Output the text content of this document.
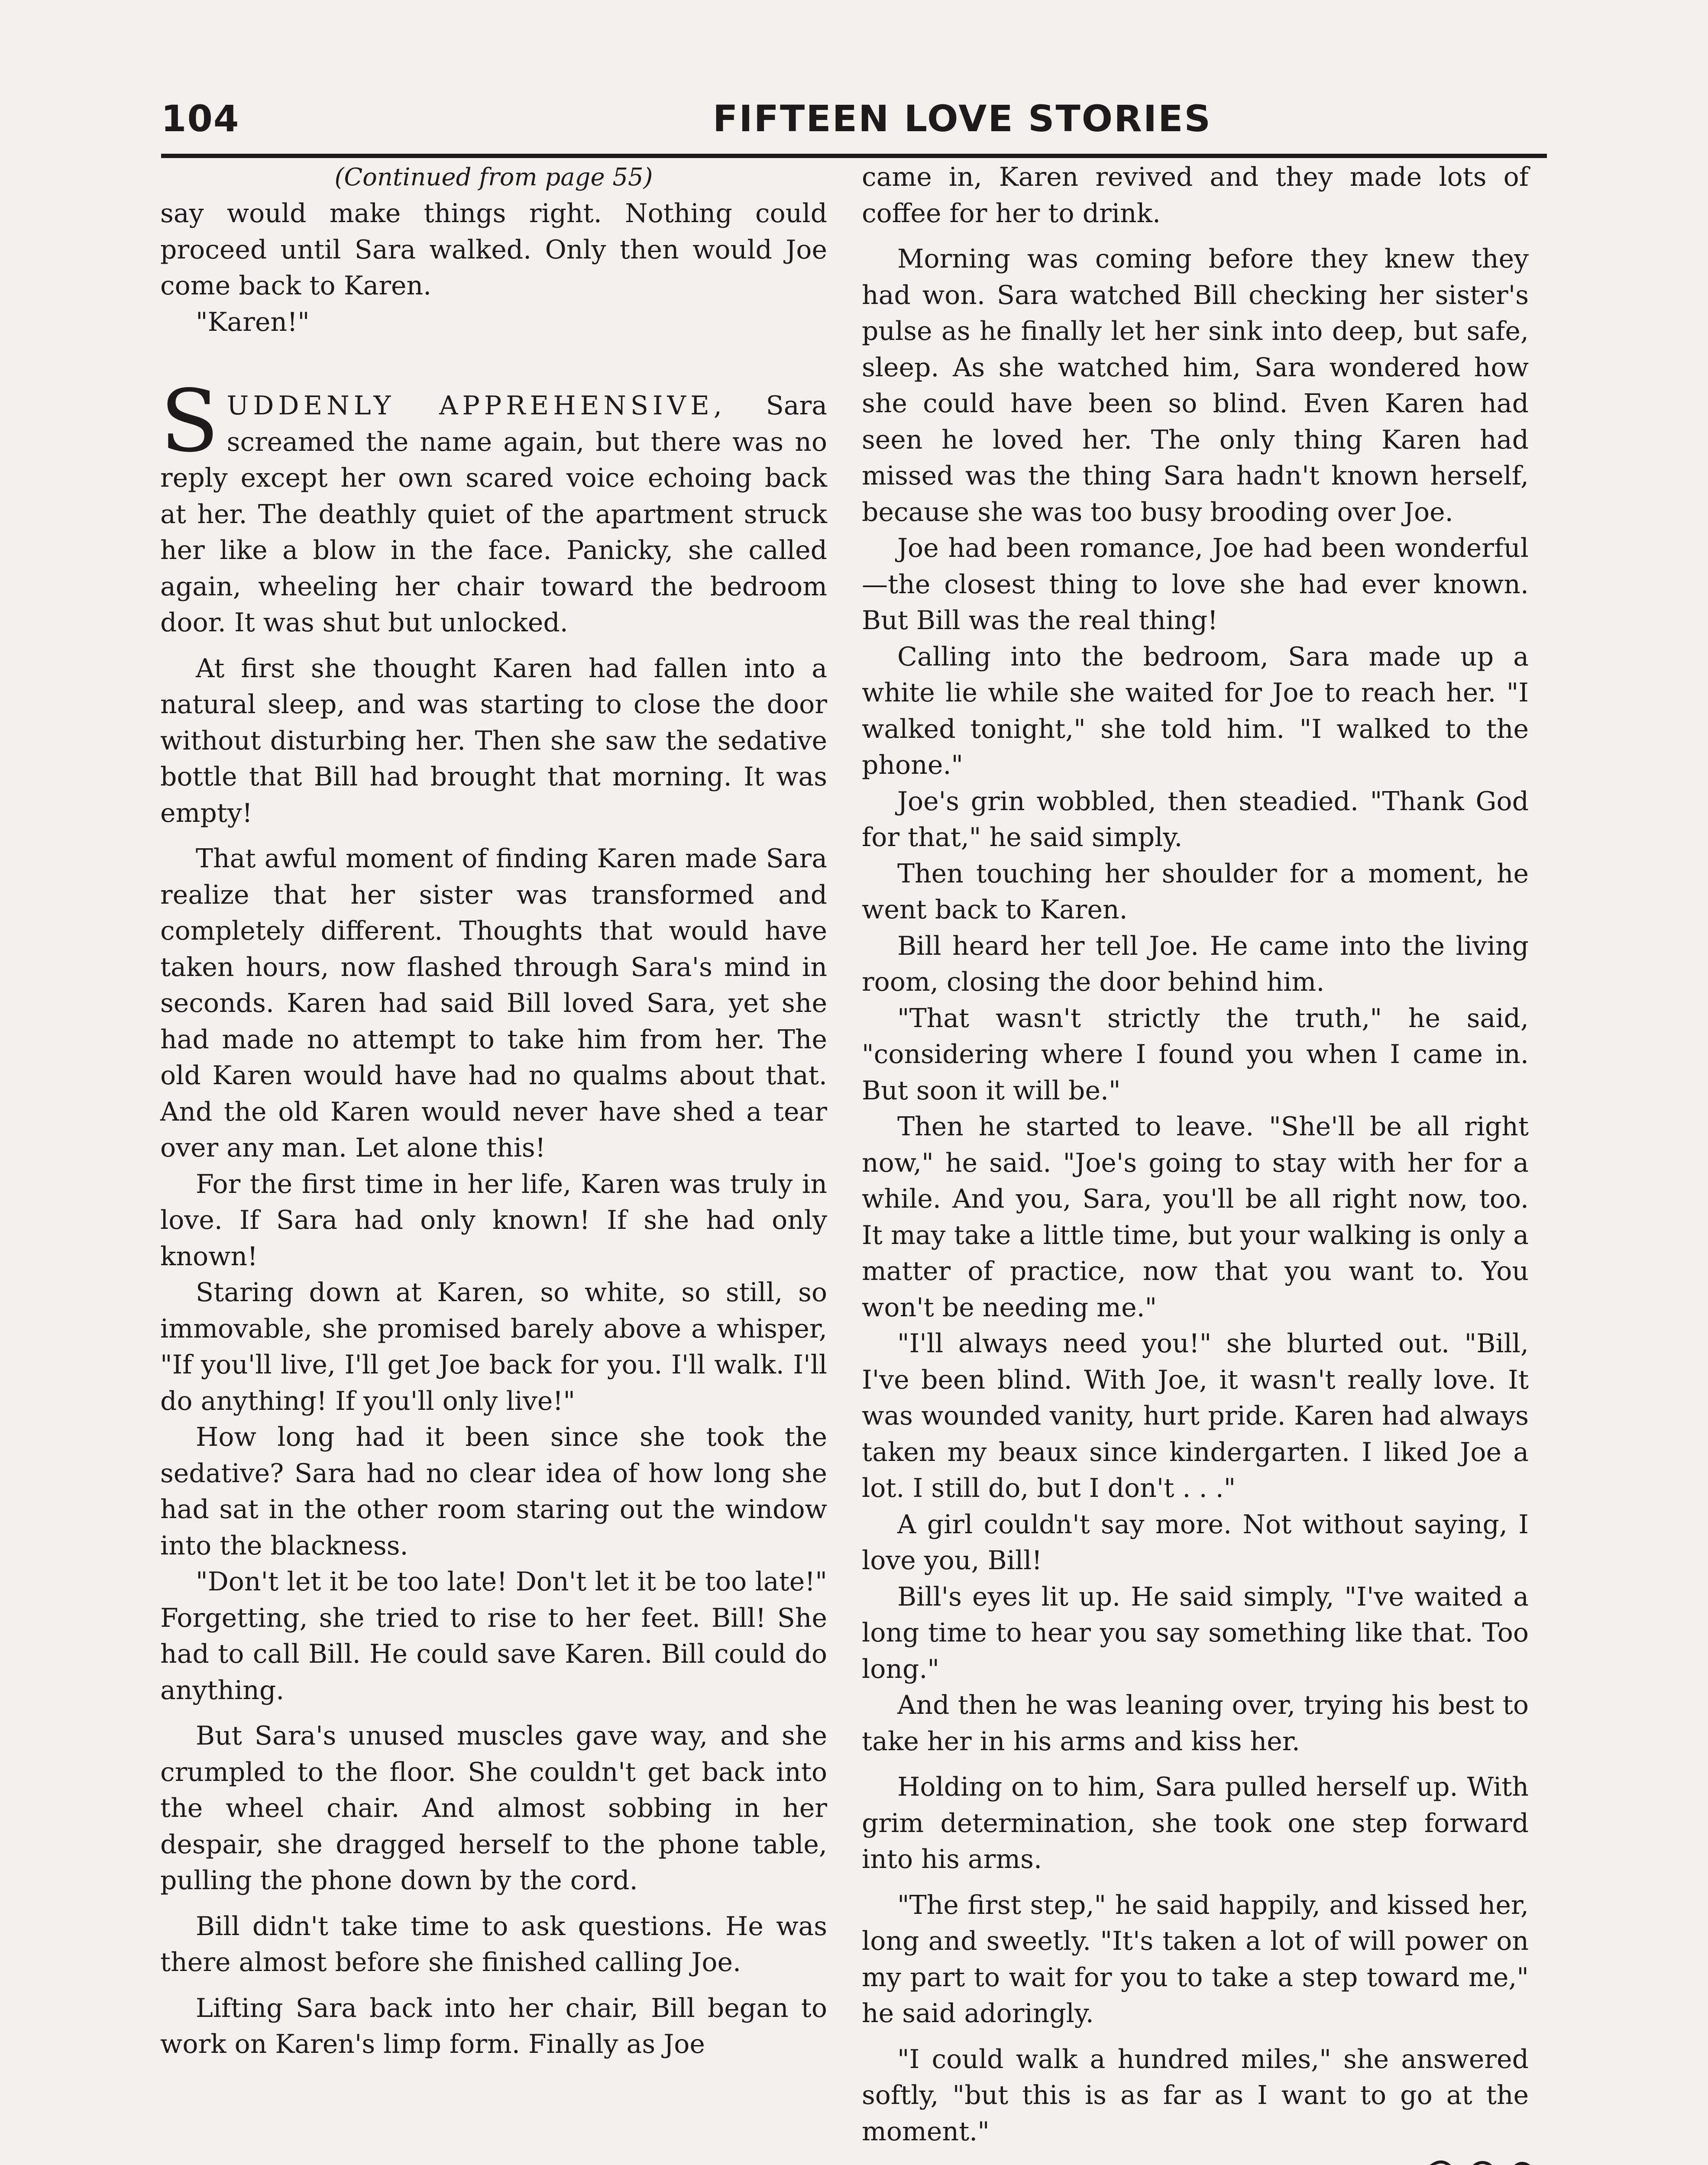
104	FIFTEEN LOVE STORIES
(Continued from page 55)

say would make things right. Nothing could proceed until Sara walked. Only then would Joe come back to Karen.

"Karen!"

SUDDENLY APPREHENSIVE, Sara screamed the name again, but there was no reply except her own scared voice echoing back at her. The deathly quiet of the apartment struck her like a blow in the face. Panicky, she called again, wheeling her chair toward the bedroom door. It was shut but unlocked.

At first she thought Karen had fallen into a natural sleep, and was starting to close the door without disturbing her. Then she saw the sedative bottle that Bill had brought that morning. It was empty!

That awful moment of finding Karen made Sara realize that her sister was transformed and completely different. Thoughts that would have taken hours, now flashed through Sara's mind in seconds. Karen had said Bill loved Sara, yet she had made no attempt to take him from her. The old Karen would have had no qualms about that. And the old Karen would never have shed a tear over any man. Let alone this!

For the first time in her life, Karen was truly in love. If Sara had only known! If she had only known!

Staring down at Karen, so white, so still, so immovable, she promised barely above a whisper, "If you'll live, I'll get Joe back for you. I'll walk. I'll do anything! If you'll only live!"

How long had it been since she took the sedative? Sara had no clear idea of how long she had sat in the other room staring out the window into the blackness.

"Don't let it be too late! Don't let it be too late!" Forgetting, she tried to rise to her feet. Bill! She had to call Bill. He could save Karen. Bill could do anything.

But Sara's unused muscles gave way, and she crumpled to the floor. She couldn't get back into the wheel chair. And almost sobbing in her despair, she dragged herself to the phone table, pulling the phone down by the cord.

Bill didn't take time to ask questions. He was there almost before she finished calling Joe.

Lifting Sara back into her chair, Bill began to work on Karen's limp form. Finally as Joe

came in, Karen revived and they made lots of coffee for her to drink.

Morning was coming before they knew they had won. Sara watched Bill checking her sister's pulse as he finally let her sink into deep, but safe, sleep. As she watched him, Sara wondered how she could have been so blind. Even Karen had seen he loved her. The only thing Karen had missed was the thing Sara hadn't known herself, because she was too busy brooding over Joe.

Joe had been romance, Joe had been wonderful—the closest thing to love she had ever known. But Bill was the real thing!

Calling into the bedroom, Sara made up a white lie while she waited for Joe to reach her. "I walked tonight," she told him. "I walked to the phone."

Joe's grin wobbled, then steadied. "Thank God for that," he said simply.

Then touching her shoulder for a moment, he went back to Karen.

Bill heard her tell Joe. He came into the living room, closing the door behind him.

"That wasn't strictly the truth," he said, "considering where I found you when I came in. But soon it will be."

Then he started to leave. "She'll be all right now," he said. "Joe's going to stay with her for a while. And you, Sara, you'll be all right now, too. It may take a little time, but your walking is only a matter of practice, now that you want to. You won't be needing me."

"I'll always need you!" she blurted out. "Bill, I've been blind. With Joe, it wasn't really love. It was wounded vanity, hurt pride. Karen had always taken my beaux since kindergarten. I liked Joe a lot. I still do, but I don't . . ."

A girl couldn't say more. Not without saying, I love you, Bill!

Bill's eyes lit up. He said simply, "I've waited a long time to hear you say something like that. Too long."

And then he was leaning over, trying his best to take her in his arms and kiss her.

Holding on to him, Sara pulled herself up. With grim determination, she took one step forward into his arms.

"The first step," he said happily, and kissed her, long and sweetly. "It's taken a lot of will power on my part to wait for you to take a step toward me," he said adoringly.

"I could walk a hundred miles," she answered softly, "but this is as far as I want to go at the moment."
